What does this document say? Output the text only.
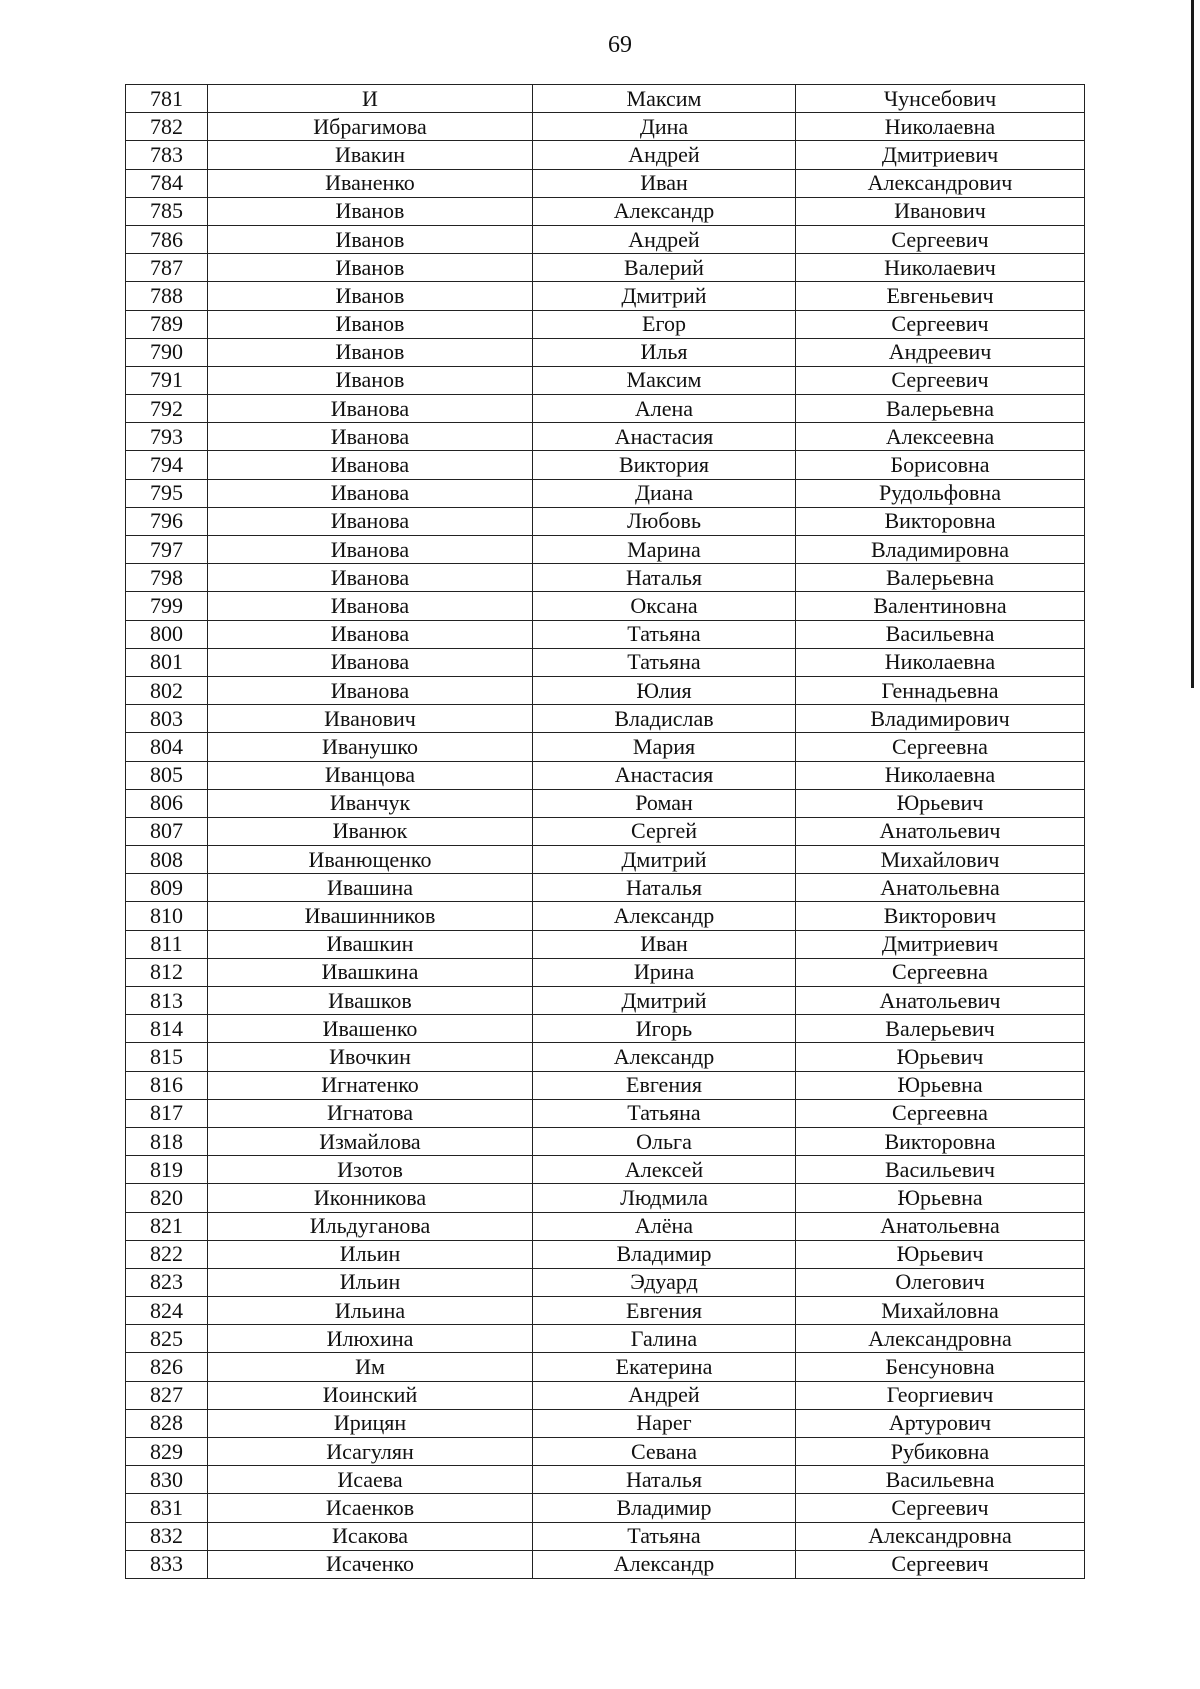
69
781	И	Максим	Чунсебович
782	Ибрагимова	Дина	Николаевна
783	Ивакин	Андрей	Дмитриевич
784	Иваненко	Иван	Александрович
785	Иванов	Александр	Иванович
786	Иванов	Андрей	Сергеевич
787	Иванов	Валерий	Николаевич
788	Иванов	Дмитрий	Евгеньевич
789	Иванов	Егор	Сергеевич
790	Иванов	Илья	Андреевич
791	Иванов	Максим	Сергеевич
792	Иванова	Алена	Валерьевна
793	Иванова	Анастасия	Алексеевна
794	Иванова	Виктория	Борисовна
795	Иванова	Диана	Рудольфовна
796	Иванова	Любовь	Викторовна
797	Иванова	Марина	Владимировна
798	Иванова	Наталья	Валерьевна
799	Иванова	Оксана	Валентиновна
800	Иванова	Татьяна	Васильевна
801	Иванова	Татьяна	Николаевна
802	Иванова	Юлия	Геннадьевна
803	Иванович	Владислав	Владимирович
804	Иванушко	Мария	Сергеевна
805	Иванцова	Анастасия	Николаевна
806	Иванчук	Роман	Юрьевич
807	Иванюк	Сергей	Анатольевич
808	Иванющенко	Дмитрий	Михайлович
809	Ивашина	Наталья	Анатольевна
810	Ивашинников	Александр	Викторович
811	Ивашкин	Иван	Дмитриевич
812	Ивашкина	Ирина	Сергеевна
813	Ивашков	Дмитрий	Анатольевич
814	Ивашенко	Игорь	Валерьевич
815	Ивочкин	Александр	Юрьевич
816	Игнатенко	Евгения	Юрьевна
817	Игнатова	Татьяна	Сергеевна
818	Измайлова	Ольга	Викторовна
819	Изотов	Алексей	Васильевич
820	Иконникова	Людмила	Юрьевна
821	Ильдуганова	Алёна	Анатольевна
822	Ильин	Владимир	Юрьевич
823	Ильин	Эдуард	Олегович
824	Ильина	Евгения	Михайловна
825	Илюхина	Галина	Александровна
826	Им	Екатерина	Бенсуновна
827	Иоинский	Андрей	Георгиевич
828	Ирицян	Нарег	Артурович
829	Исагулян	Севана	Рубиковна
830	Исаева	Наталья	Васильевна
831	Исаенков	Владимир	Сергеевич
832	Исакова	Татьяна	Александровна
833	Исаченко	Александр	Сергеевич
